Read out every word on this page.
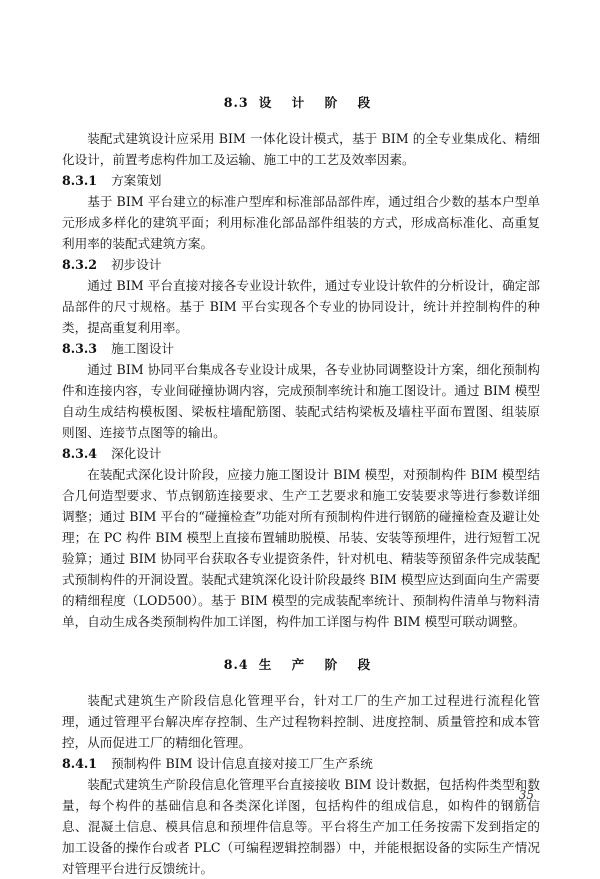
8.3 设 计 阶 段

装配式建筑设计应采用 BIM 一体化设计模式，基于 BIM 的全专业集成化、精细化设计，前置考虑构件加工及运输、施工中的工艺及效率因素。

8.3.1 方案策划

基于 BIM 平台建立的标准户型库和标准部品部件库，通过组合少数的基本户型单元形成多样化的建筑平面；利用标准化部品部件组装的方式，形成高标准化、高重复利用率的装配式建筑方案。

8.3.2 初步设计

通过 BIM 平台直接对接各专业设计软件，通过专业设计软件的分析设计，确定部品部件的尺寸规格。基于 BIM 平台实现各个专业的协同设计，统计并控制构件的种类，提高重复利用率。

8.3.3 施工图设计

通过 BIM 协同平台集成各专业设计成果，各专业协同调整设计方案，细化预制构件和连接内容，专业间碰撞协调内容，完成预制率统计和施工图设计。通过 BIM 模型自动生成结构模板图、梁板柱墙配筋图、装配式结构梁板及墙柱平面布置图、组装原则图、连接节点图等的输出。

8.3.4 深化设计

在装配式深化设计阶段，应接力施工图设计 BIM 模型，对预制构件 BIM 模型结合几何造型要求、节点钢筋连接要求、生产工艺要求和施工安装要求等进行参数详细调整；通过 BIM 平台的“碰撞检查”功能对所有预制构件进行钢筋的碰撞检查及避让处理；在 PC 构件 BIM 模型上直接布置辅助脱模、吊装、安装等预埋件，进行短暂工况验算；通过 BIM 协同平台获取各专业提资条件，针对机电、精装等预留条件完成装配式预制构件的开洞设置。装配式建筑深化设计阶段最终 BIM 模型应达到面向生产需要的精细程度（LOD500）。基于 BIM 模型的完成装配率统计、预制构件清单与物料清单，自动生成各类预制构件加工详图，构件加工详图与构件 BIM 模型可联动调整。

8.4 生 产 阶 段

装配式建筑生产阶段信息化管理平台，针对工厂的生产加工过程进行流程化管理，通过管理平台解决库存控制、生产过程物料控制、进度控制、质量管控和成本管控，从而促进工厂的精细化管理。

8.4.1 预制构件 BIM 设计信息直接对接工厂生产系统

装配式建筑生产阶段信息化管理平台直接接收 BIM 设计数据，包括构件类型和数量，每个构件的基础信息和各类深化详图，包括构件的组成信息，如构件的钢筋信息、混凝土信息、模具信息和预埋件信息等。平台将生产加工任务按需下发到指定的加工设备的操作台或者 PLC（可编程逻辑控制器）中，并能根据设备的实际生产情况对管理平台进行反馈统计。

35
